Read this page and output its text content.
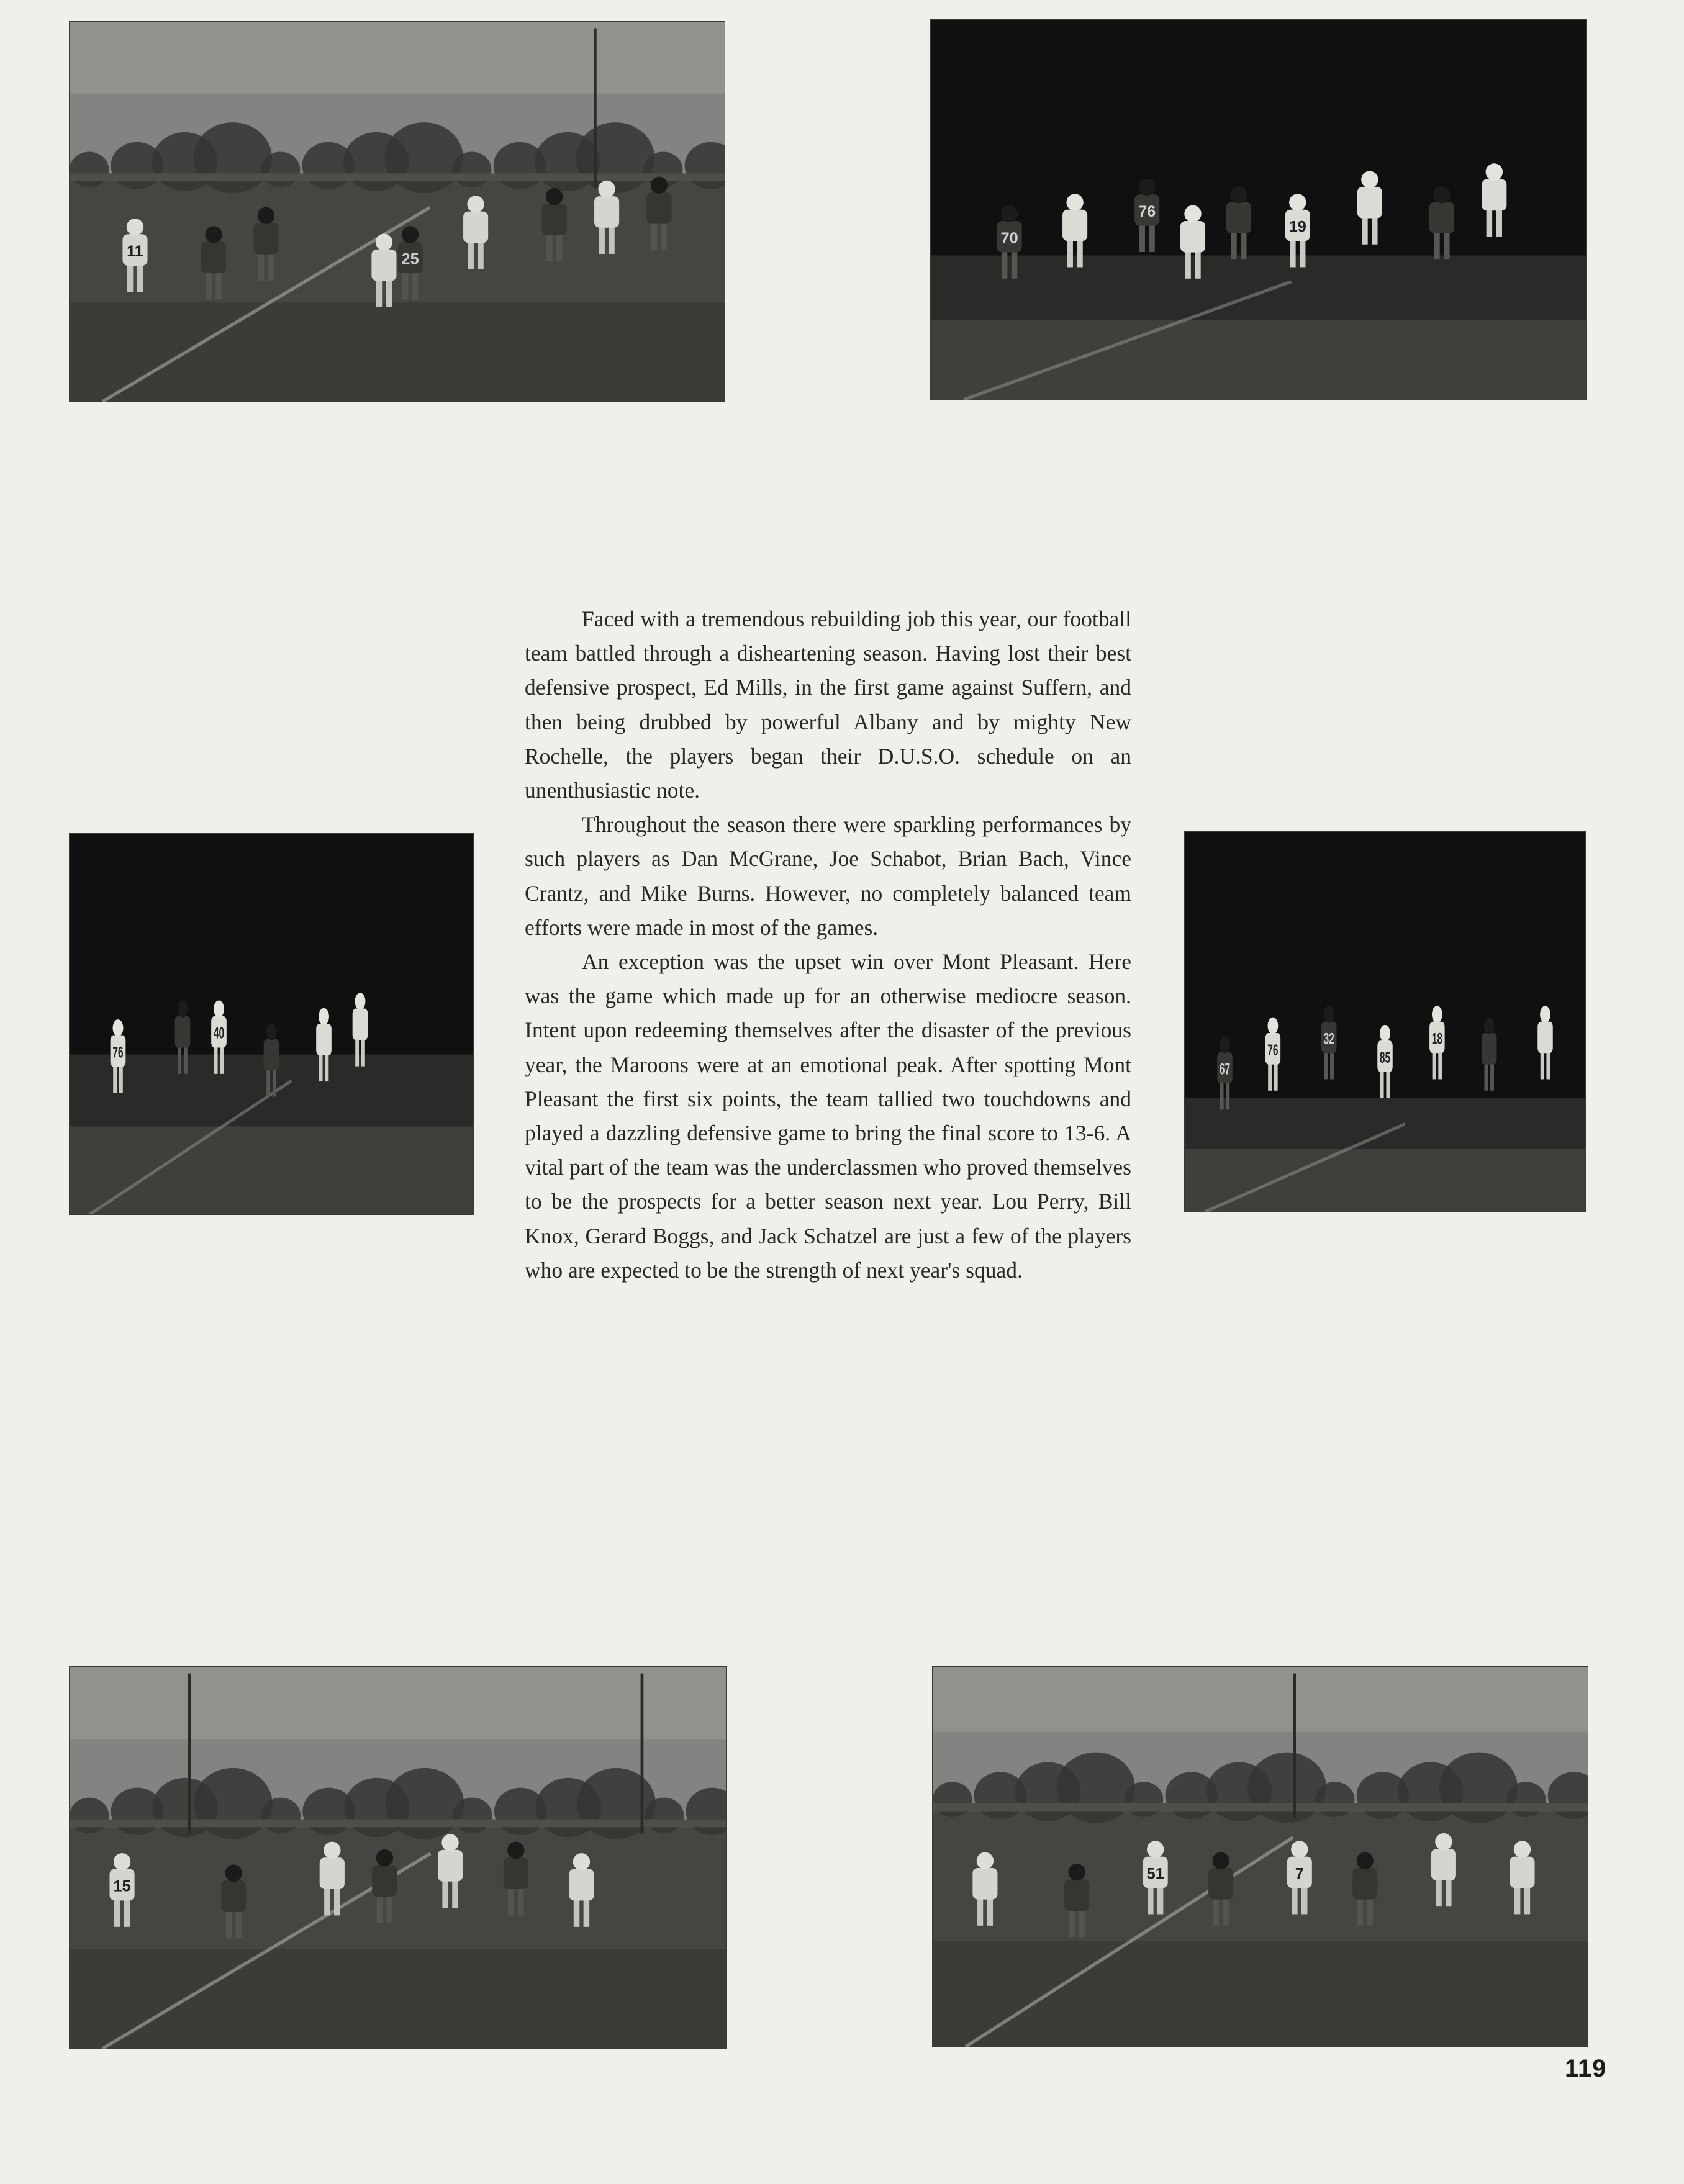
11	25
70
76
19
76
40
67
76
32
85
18
15
51	7

Faced with a tremendous rebuilding job this year, our football team battled through a disheartening season. Having lost their best defensive prospect, Ed Mills, in the first game against Suffern, and then being drubbed by powerful Albany and by mighty New Rochelle, the players began their D.U.S.O. schedule on an unenthusiastic note.

Throughout the season there were sparkling performances by such players as Dan McGrane, Joe Schabot, Brian Bach, Vince Crantz, and Mike Burns. However, no completely balanced team efforts were made in most of the games.

An exception was the upset win over Mont Pleasant. Here was the game which made up for an otherwise mediocre season. Intent upon redeeming themselves after the disaster of the previous year, the Maroons were at an emotional peak. After spotting Mont Pleasant the first six points, the team tallied two touchdowns and played a dazzling defensive game to bring the final score to 13-6. A vital part of the team was the underclassmen who proved themselves to be the prospects for a better season next year. Lou Perry, Bill Knox, Gerard Boggs, and Jack Schatzel are just a few of the players who are expected to be the strength of next year's squad.

119
